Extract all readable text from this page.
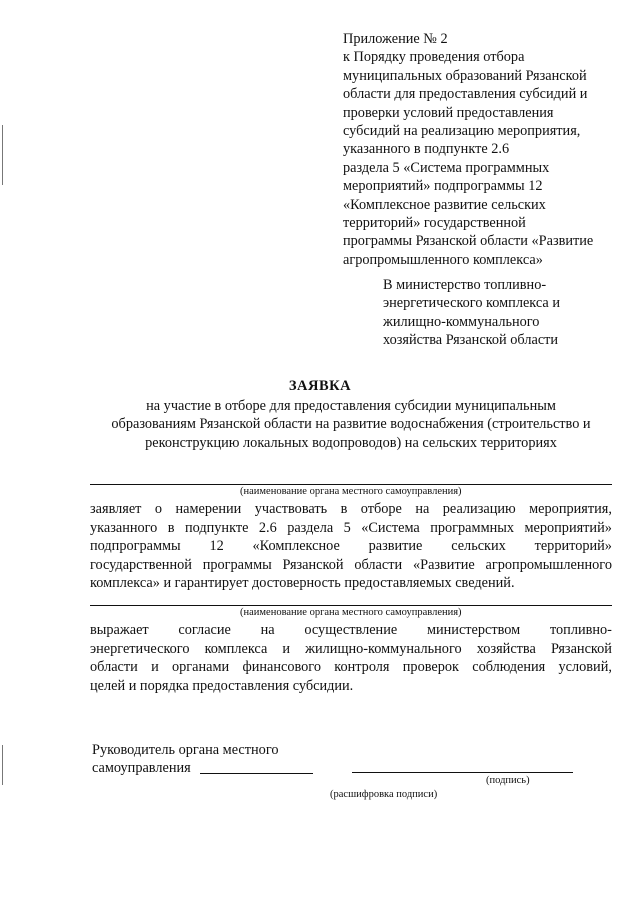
Приложение № 2
к Порядку проведения отбора
муниципальных образований Рязанской
области для предоставления субсидий и
проверки условий предоставления
субсидий на реализацию мероприятия,
указанного в подпункте 2.6
раздела 5 «Система программных
мероприятий» подпрограммы 12
«Комплексное развитие сельских
территорий» государственной
программы Рязанской области «Развитие
агропромышленного комплекса»
В министерство топливно-
энергетического комплекса и
жилищно-коммунального
хозяйства Рязанской области
ЗАЯВКА
на участие в отборе для предоставления субсидии муниципальным
образованиям Рязанской области на развитие водоснабжения (строительство и
реконструкцию локальных водопроводов) на сельских территориях
(наименование органа местного самоуправления)
заявляет о намерении участвовать в отборе на реализацию мероприятия,
указанного в подпункте 2.6 раздела 5 «Система программных мероприятий»
подпрограммы 12 «Комплексное развитие сельских территорий»
государственной программы Рязанской области «Развитие агропромышленного
комплекса» и гарантирует достоверность предоставляемых сведений.
(наименование органа местного самоуправления)
выражает согласие на осуществление министерством топливно-
энергетического комплекса и жилищно-коммунального хозяйства Рязанской
области и органами финансового контроля проверок соблюдения условий,
целей и порядка предоставления субсидии.
Руководитель органа местного
самоуправления
(подпись)
(расшифровка подписи)
